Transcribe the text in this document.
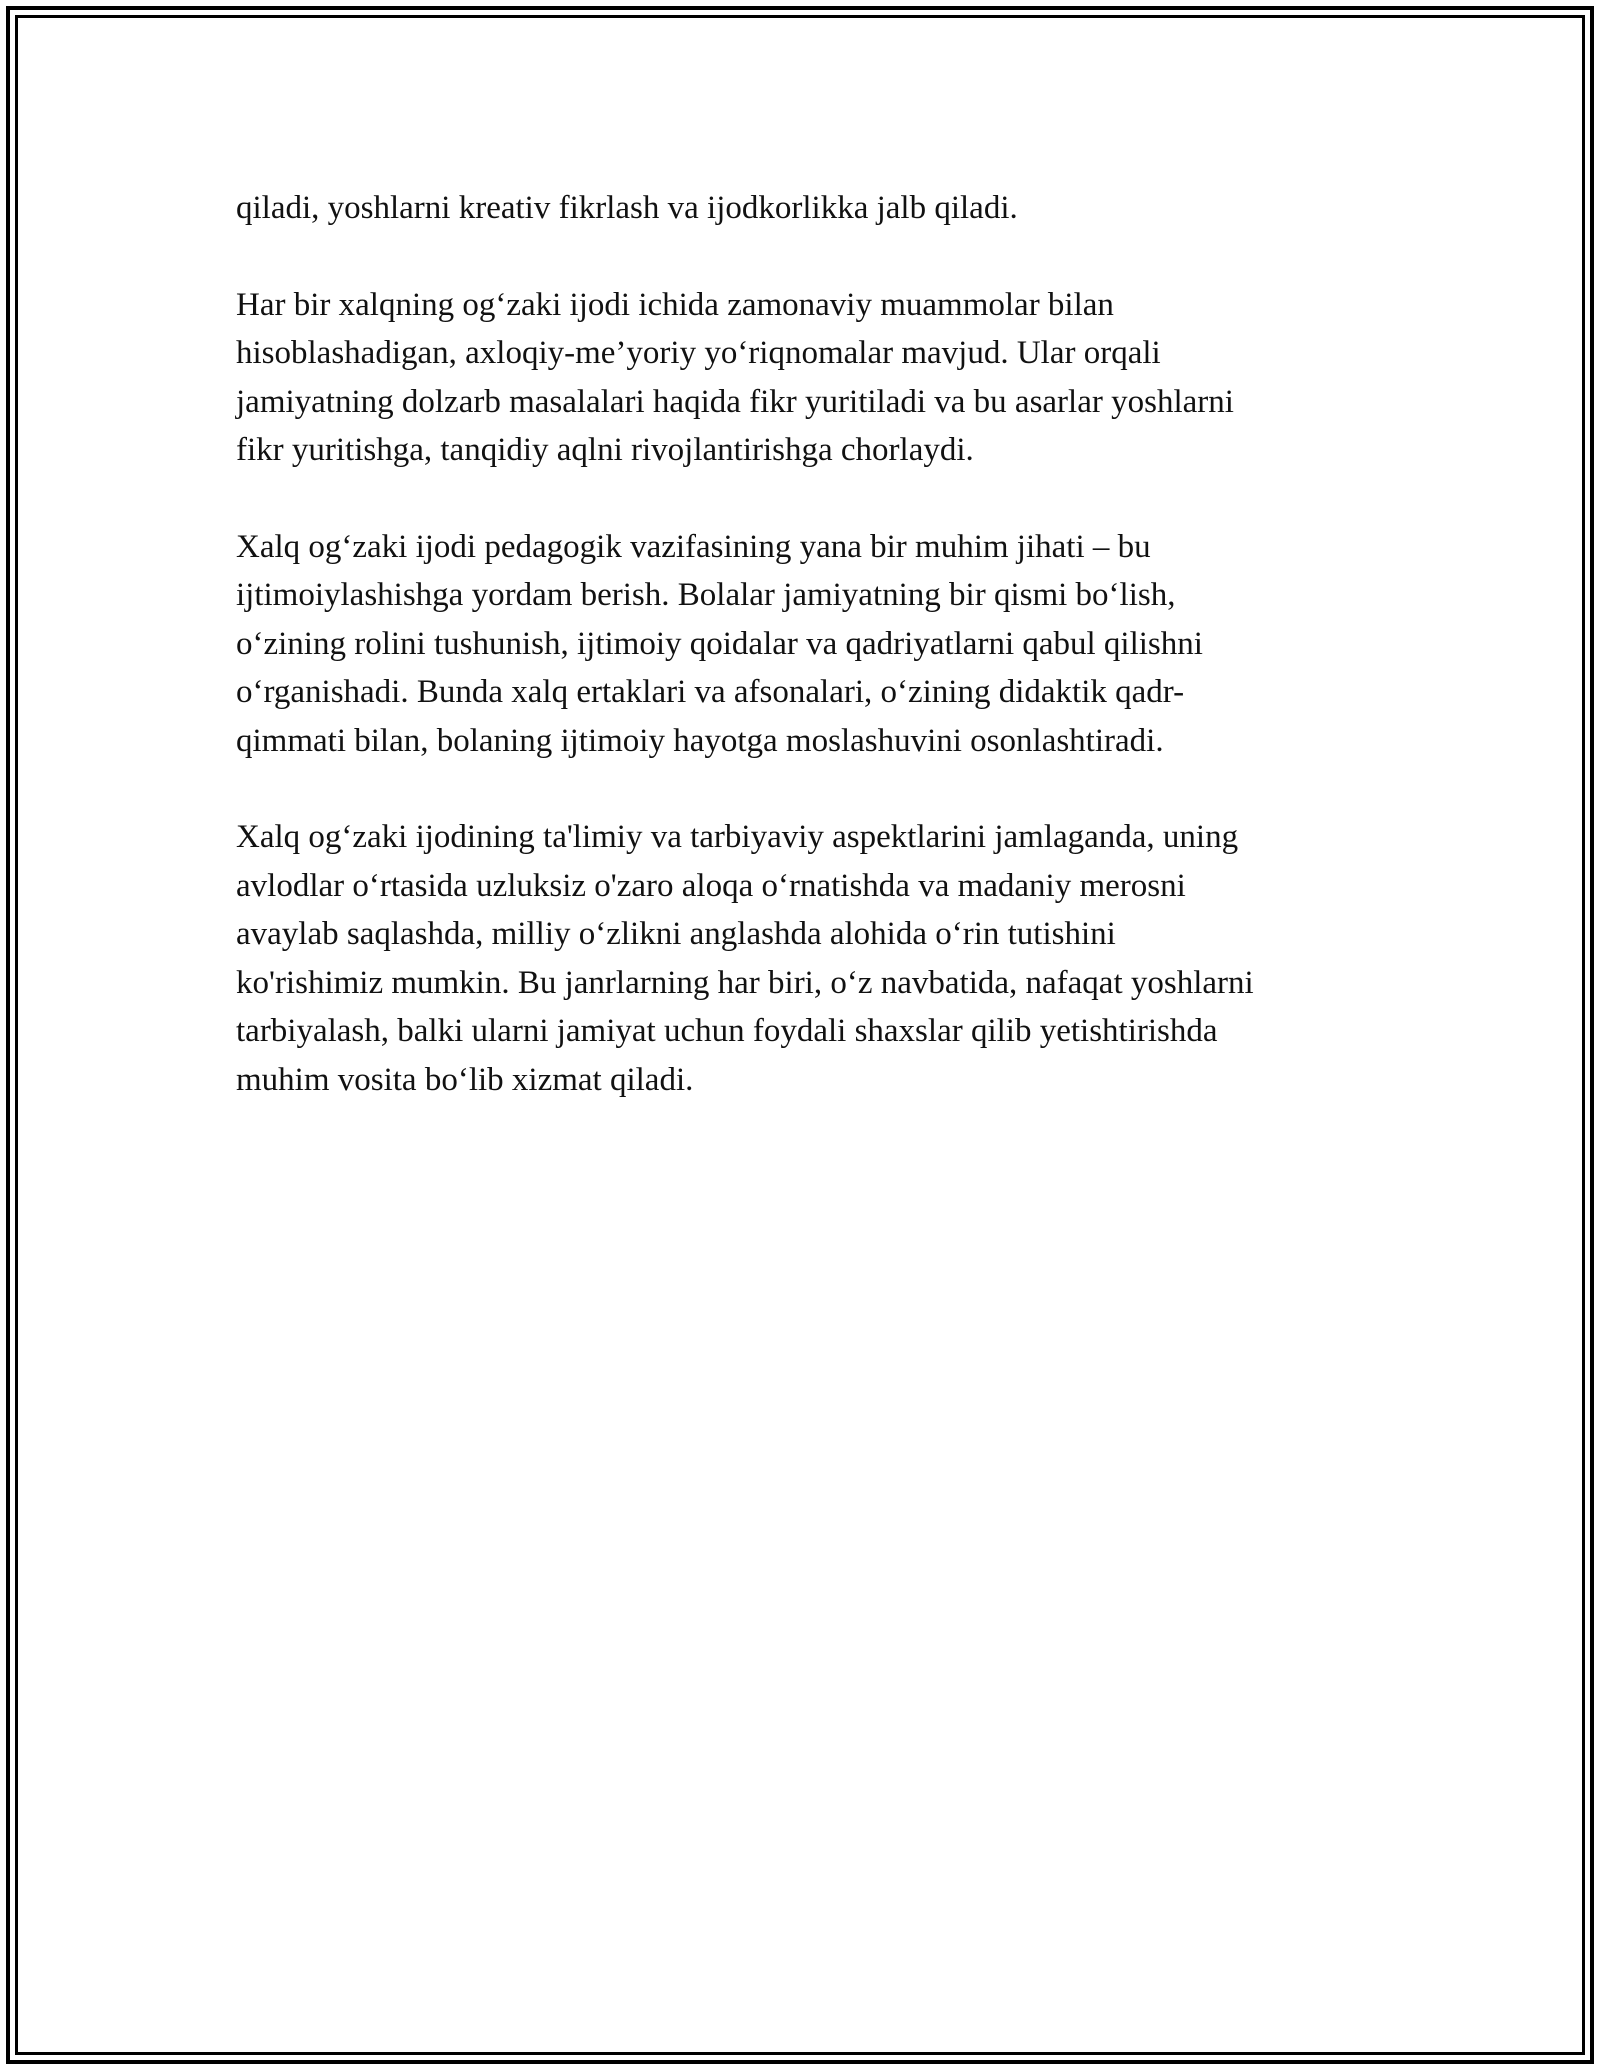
qiladi, yoshlarni kreativ fikrlash va ijodkorlikka jalb qiladi.

Har bir xalqning og‘zaki ijodi ichida zamonaviy muammolar bilan
hisoblashadigan, axloqiy-me’yoriy yo‘riqnomalar mavjud. Ular orqali
jamiyatning dolzarb masalalari haqida fikr yuritiladi va bu asarlar yoshlarni
fikr yuritishga, tanqidiy aqlni rivojlantirishga chorlaydi.

Xalq og‘zaki ijodi pedagogik vazifasining yana bir muhim jihati – bu
ijtimoiylashishga yordam berish. Bolalar jamiyatning bir qismi bo‘lish,
o‘zining rolini tushunish, ijtimoiy qoidalar va qadriyatlarni qabul qilishni
o‘rganishadi. Bunda xalq ertaklari va afsonalari, o‘zining didaktik qadr-
qimmati bilan, bolaning ijtimoiy hayotga moslashuvini osonlashtiradi.

Xalq og‘zaki ijodining ta'limiy va tarbiyaviy aspektlarini jamlaganda, uning
avlodlar o‘rtasida uzluksiz o'zaro aloqa o‘rnatishda va madaniy merosni
avaylab saqlashda, milliy o‘zlikni anglashda alohida o‘rin tutishini
ko'rishimiz mumkin. Bu janrlarning har biri, o‘z navbatida, nafaqat yoshlarni
tarbiyalash, balki ularni jamiyat uchun foydali shaxslar qilib yetishtirishda
muhim vosita bo‘lib xizmat qiladi.
